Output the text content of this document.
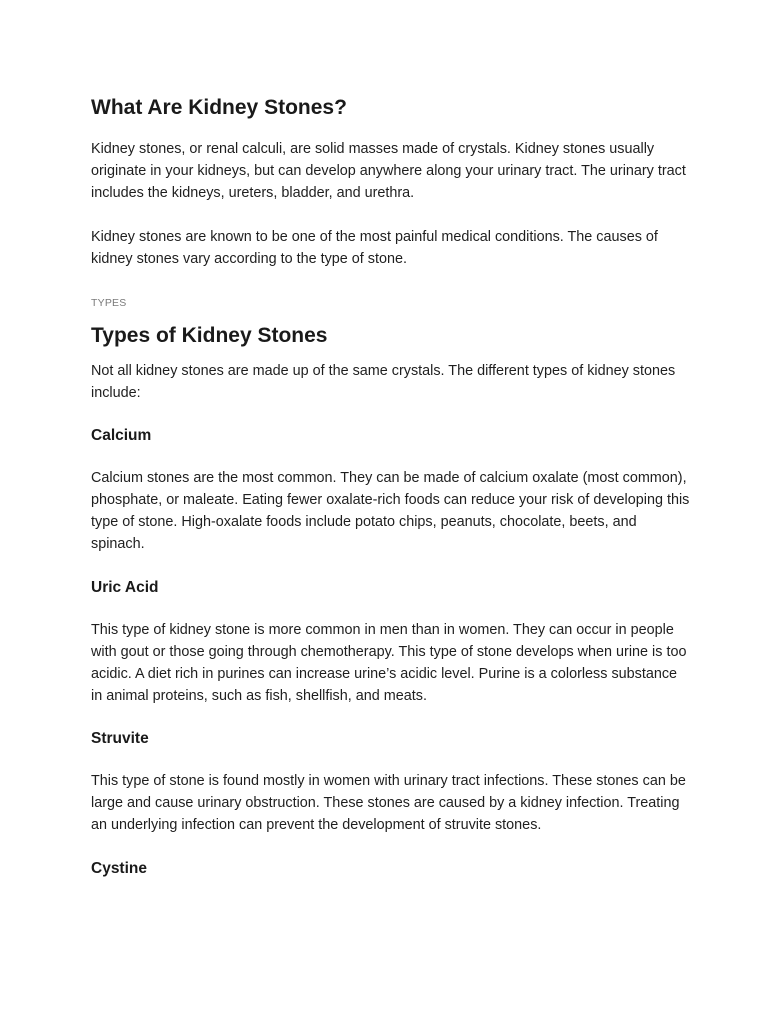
What Are Kidney Stones?

Kidney stones, or renal calculi, are solid masses made of crystals. Kidney stones usually originate in your kidneys, but can develop anywhere along your urinary tract. The urinary tract includes the kidneys, ureters, bladder, and urethra.

Kidney stones are known to be one of the most painful medical conditions. The causes of kidney stones vary according to the type of stone.

TYPES
Types of Kidney Stones

Not all kidney stones are made up of the same crystals. The different types of kidney stones include:

Calcium

Calcium stones are the most common. They can be made of calcium oxalate (most common), phosphate, or maleate. Eating fewer oxalate-rich foods can reduce your risk of developing this type of stone. High-oxalate foods include potato chips, peanuts, chocolate, beets, and spinach.

Uric Acid

This type of kidney stone is more common in men than in women. They can occur in people with gout or those going through chemotherapy. This type of stone develops when urine is too acidic. A diet rich in purines can increase urine’s acidic level. Purine is a colorless substance in animal proteins, such as fish, shellfish, and meats.

Struvite

This type of stone is found mostly in women with urinary tract infections. These stones can be large and cause urinary obstruction. These stones are caused by a kidney infection. Treating an underlying infection can prevent the development of struvite stones.

Cystine
